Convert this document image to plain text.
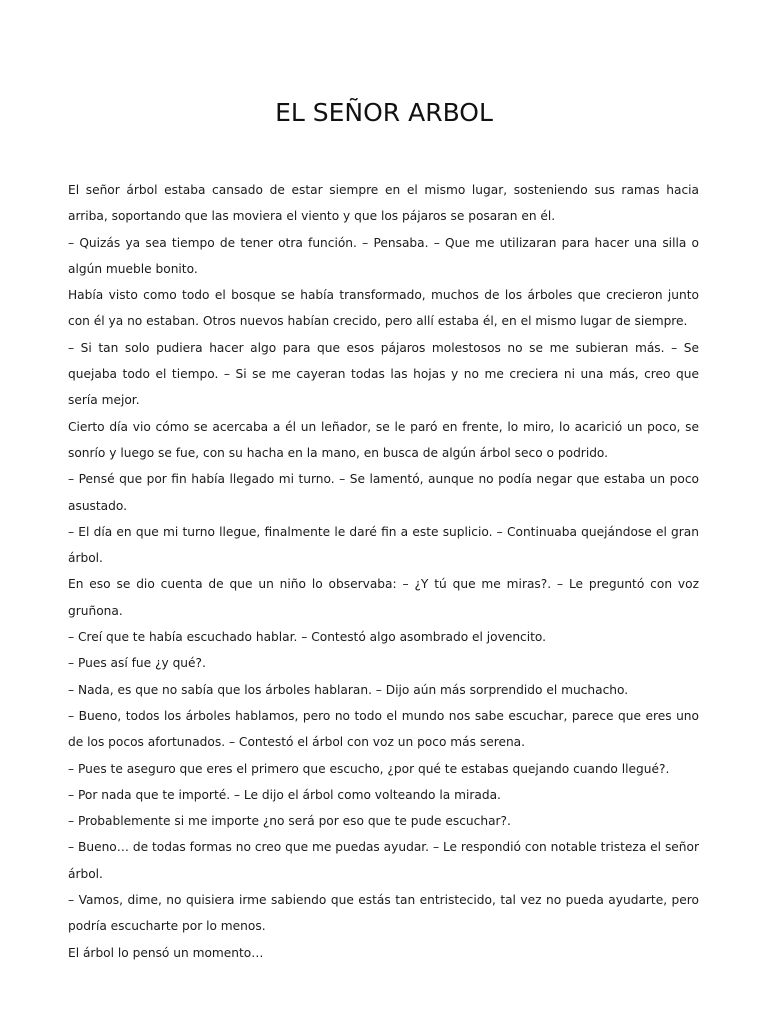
EL SEÑOR ARBOL

El señor árbol estaba cansado de estar siempre en el mismo lugar, sosteniendo sus ramas hacia arriba, soportando que las moviera el viento y que los pájaros se posaran en él.

– Quizás ya sea tiempo de tener otra función. – Pensaba. – Que me utilizaran para hacer una silla o algún mueble bonito.

Había visto como todo el bosque se había transformado, muchos de los árboles que crecieron junto con él ya no estaban. Otros nuevos habían crecido, pero allí estaba él, en el mismo lugar de siempre.

– Si tan solo pudiera hacer algo para que esos pájaros molestosos no se me subieran más. – Se quejaba todo el tiempo. – Si se me cayeran todas las hojas y no me creciera ni una más, creo que sería mejor.

Cierto día vio cómo se acercaba a él un leñador, se le paró en frente, lo miro, lo acarició un poco, se sonrío y luego se fue, con su hacha en la mano, en busca de algún árbol seco o podrido.

– Pensé que por fin había llegado mi turno. – Se lamentó, aunque no podía negar que estaba un poco asustado.

– El día en que mi turno llegue, finalmente le daré fin a este suplicio. – Continuaba quejándose el gran árbol.

En eso se dio cuenta de que un niño lo observaba: – ¿Y tú que me miras?. – Le preguntó con voz gruñona.

– Creí que te había escuchado hablar. – Contestó algo asombrado el jovencito.

– Pues así fue ¿y qué?.

– Nada, es que no sabía que los árboles hablaran. – Dijo aún más sorprendido el muchacho.

– Bueno, todos los árboles hablamos, pero no todo el mundo nos sabe escuchar, parece que eres uno de los pocos afortunados. – Contestó el árbol con voz un poco más serena.

– Pues te aseguro que eres el primero que escucho, ¿por qué te estabas quejando cuando llegué?.

– Por nada que te importé. – Le dijo el árbol como volteando la mirada.

– Probablemente si me importe ¿no será por eso que te pude escuchar?.

– Bueno… de todas formas no creo que me puedas ayudar. – Le respondió con notable tristeza el señor árbol.

– Vamos, dime, no quisiera irme sabiendo que estás tan entristecido, tal vez no pueda ayudarte, pero podría escucharte por lo menos.

El árbol lo pensó un momento…
